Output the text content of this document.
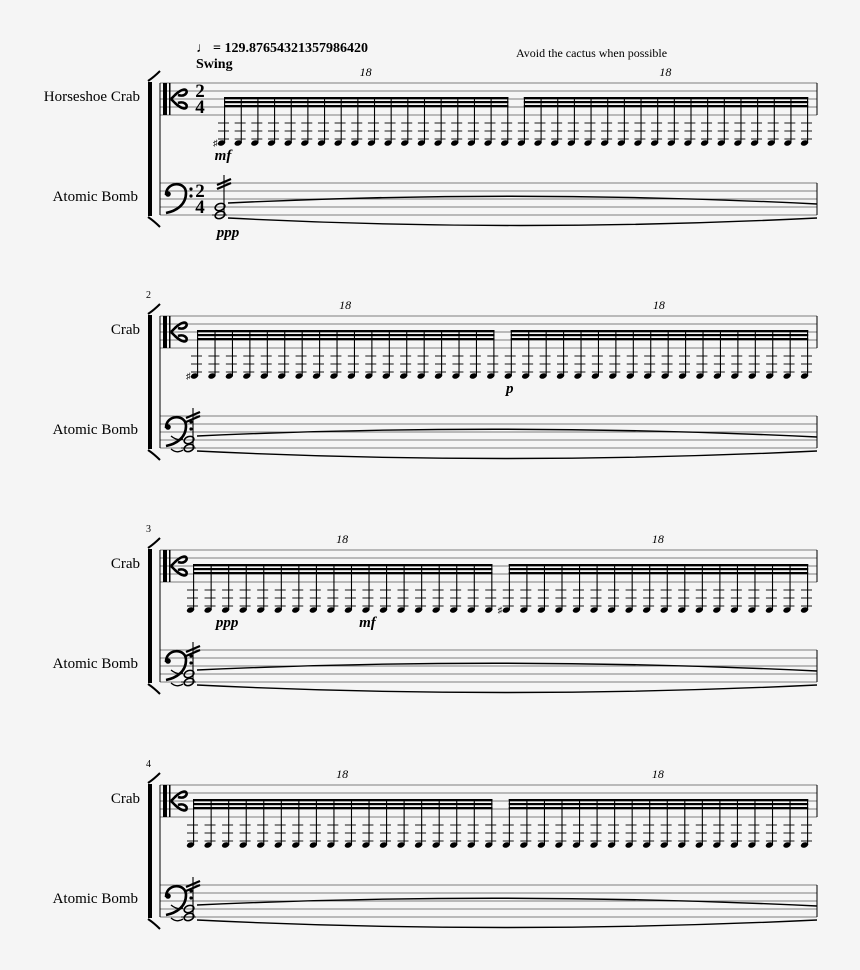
♩ = 129.87654321357986420
Swing
Avoid the cactus when possible
Horseshoe Crab
Atomic Bomb
2
4
2
4
18	18
♯
mf
ppp
2
Crab
Atomic Bomb
18	18
♯
p
3
Crab
Atomic Bomb
18	18
♯
ppp	mf
4
Crab
Atomic Bomb
18	18
